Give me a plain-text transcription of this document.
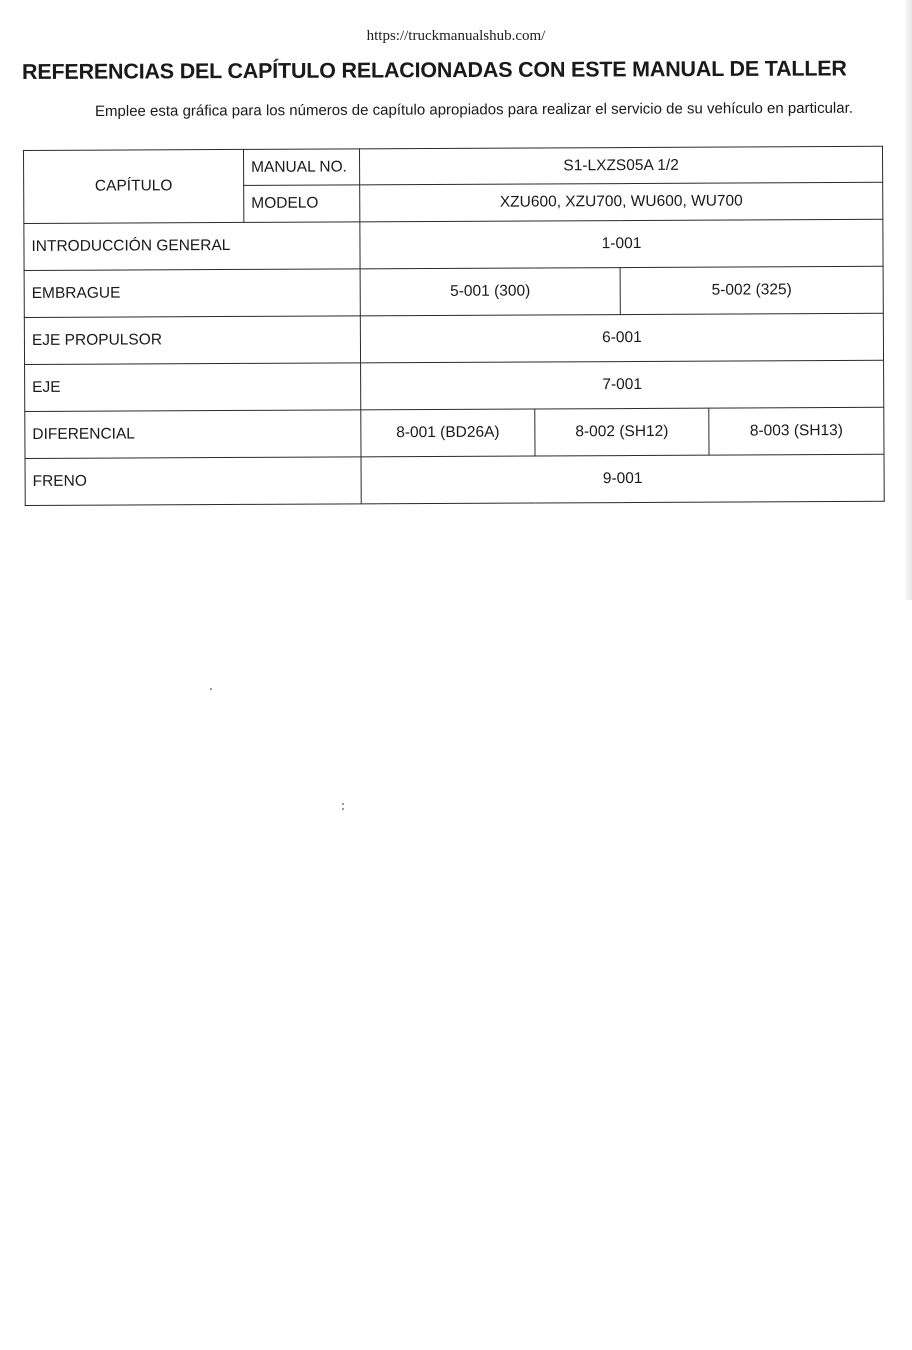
https://truckmanualshub.com/
REFERENCIAS DEL CAPÍTULO RELACIONADAS CON ESTE MANUAL DE TALLER
Emplee esta gráfica para los números de capítulo apropiados para realizar el servicio de su vehículo en particular.
CAPÍTULO	MANUAL NO.	S1-LXZS05A 1/2			
	MODELO	XZU600, XZU700, WU600, WU700			
INTRODUCCIÓN GENERAL		1-001			
EMBRAGUE		5-001 (300)		5-002 (325)	
EJE PROPULSOR		6-001			
EJE		7-001			
DIFERENCIAL		8-001 (BD26A)	8-002 (SH12)		8-003 (SH13)
FRENO		9-001			
